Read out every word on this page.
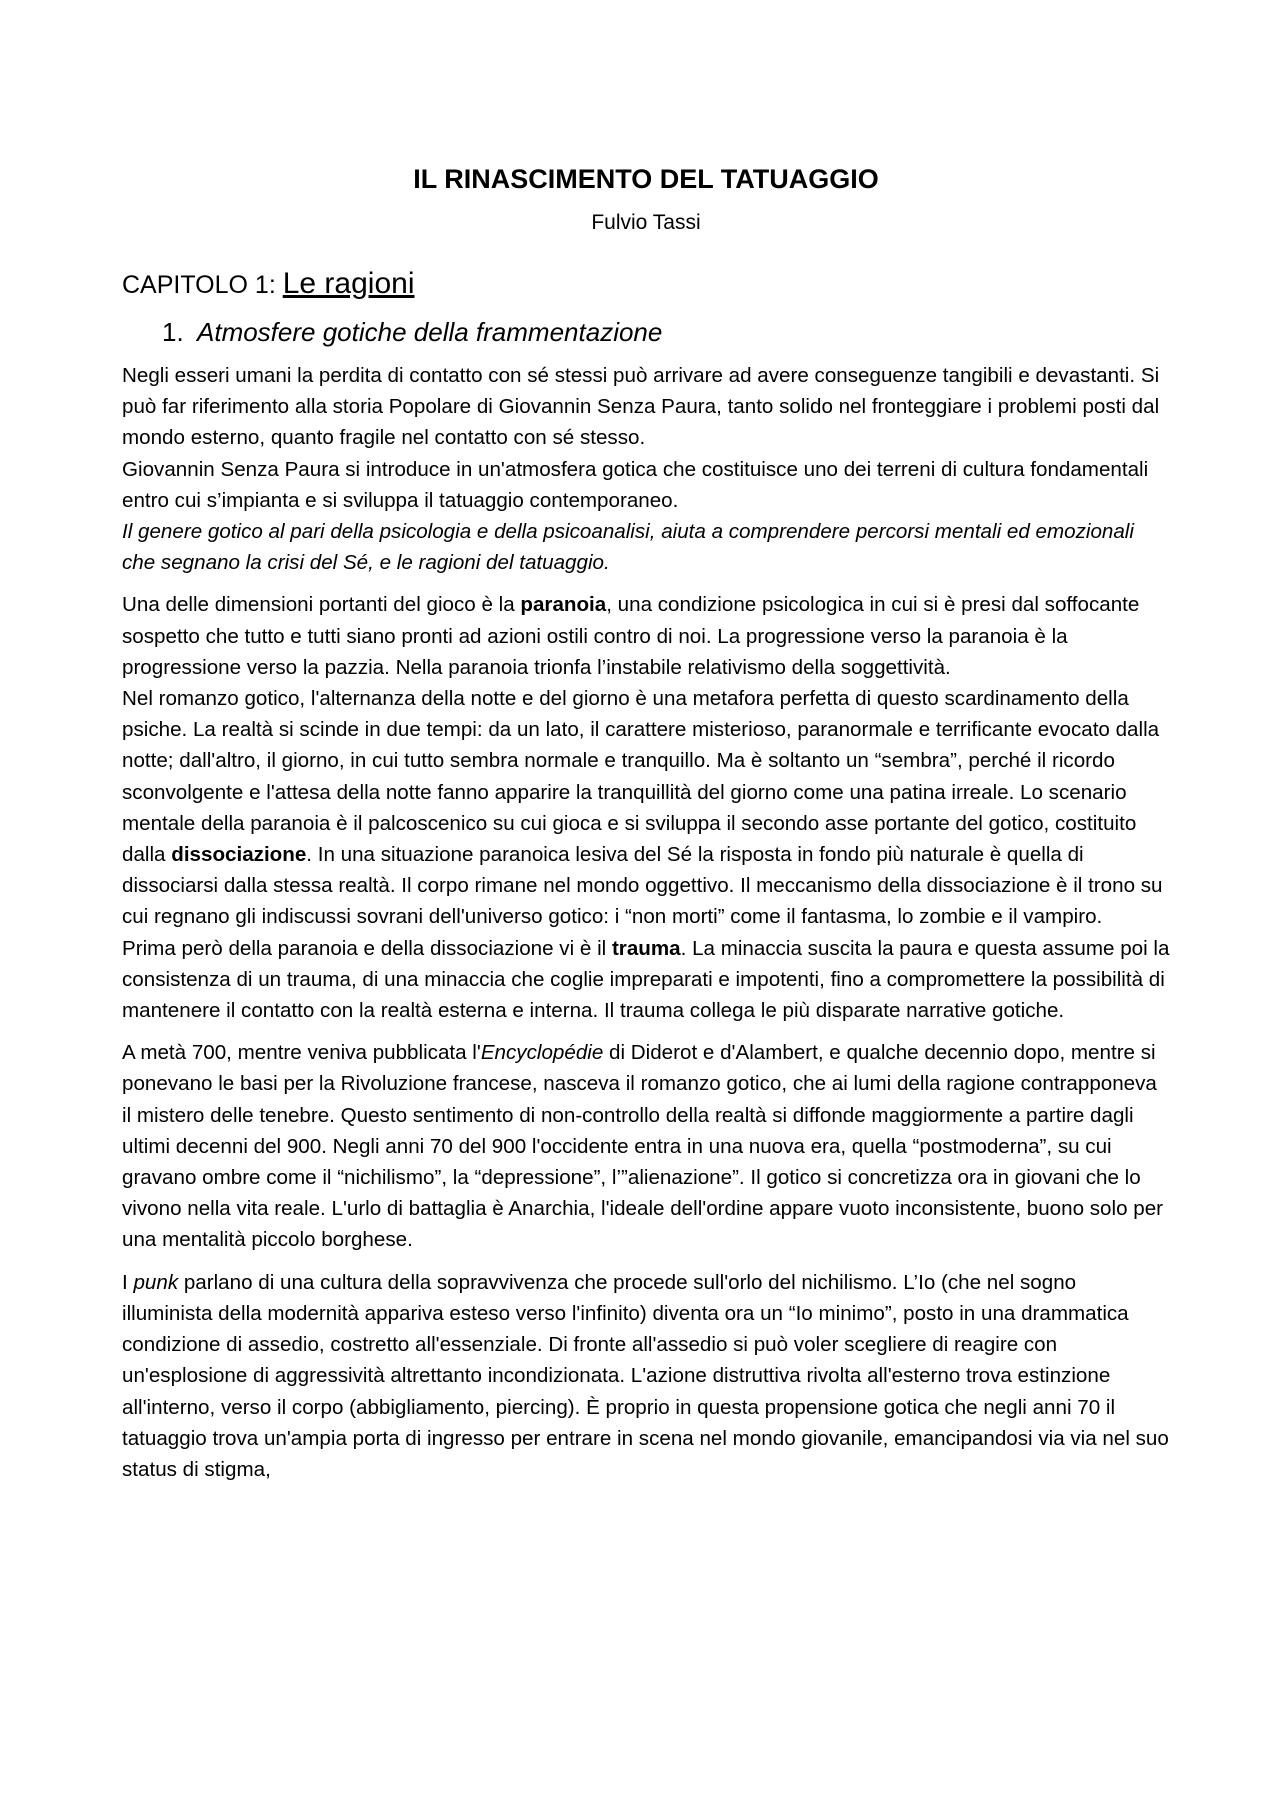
IL RINASCIMENTO DEL TATUAGGIO
Fulvio Tassi
CAPITOLO 1: Le ragioni
1. Atmosfere gotiche della frammentazione
Negli esseri umani la perdita di contatto con sé stessi può arrivare ad avere conseguenze tangibili e devastanti. Si può far riferimento alla storia Popolare di Giovannin Senza Paura, tanto solido nel fronteggiare i problemi posti dal mondo esterno, quanto fragile nel contatto con sé stesso.
Giovannin Senza Paura si introduce in un'atmosfera gotica che costituisce uno dei terreni di cultura fondamentali entro cui s’impianta e si sviluppa il tatuaggio contemporaneo.
Il genere gotico al pari della psicologia e della psicoanalisi, aiuta a comprendere percorsi mentali ed emozionali che segnano la crisi del Sé, e le ragioni del tatuaggio.
Una delle dimensioni portanti del gioco è la paranoia, una condizione psicologica in cui si è presi dal soffocante sospetto che tutto e tutti siano pronti ad azioni ostili contro di noi. La progressione verso la paranoia è la progressione verso la pazzia. Nella paranoia trionfa l’instabile relativismo della soggettività.
Nel romanzo gotico, l'alternanza della notte e del giorno è una metafora perfetta di questo scardinamento della psiche. La realtà si scinde in due tempi: da un lato, il carattere misterioso, paranormale e terrificante evocato dalla notte; dall'altro, il giorno, in cui tutto sembra normale e tranquillo. Ma è soltanto un “sembra”, perché il ricordo sconvolgente e l'attesa della notte fanno apparire la tranquillità del giorno come una patina irreale. Lo scenario mentale della paranoia è il palcoscenico su cui gioca e si sviluppa il secondo asse portante del gotico, costituito dalla dissociazione. In una situazione paranoica lesiva del Sé la risposta in fondo più naturale è quella di dissociarsi dalla stessa realtà. Il corpo rimane nel mondo oggettivo. Il meccanismo della dissociazione è il trono su cui regnano gli indiscussi sovrani dell'universo gotico: i “non morti” come il fantasma, lo zombie e il vampiro.
Prima però della paranoia e della dissociazione vi è il trauma. La minaccia suscita la paura e questa assume poi la consistenza di un trauma, di una minaccia che coglie impreparati e impotenti, fino a compromettere la possibilità di mantenere il contatto con la realtà esterna e interna. Il trauma collega le più disparate narrative gotiche.
A metà 700, mentre veniva pubblicata l'Encyclopédie di Diderot e d'Alambert, e qualche decennio dopo, mentre si ponevano le basi per la Rivoluzione francese, nasceva il romanzo gotico, che ai lumi della ragione contrapponeva il mistero delle tenebre. Questo sentimento di non-controllo della realtà si diffonde maggiormente a partire dagli ultimi decenni del 900. Negli anni 70 del 900 l'occidente entra in una nuova era, quella “postmoderna”, su cui gravano ombre come il “nichilismo”, la “depressione”, l’”alienazione”. Il gotico si concretizza ora in giovani che lo vivono nella vita reale. L'urlo di battaglia è Anarchia, l'ideale dell'ordine appare vuoto inconsistente, buono solo per una mentalità piccolo borghese.
I punk parlano di una cultura della sopravvivenza che procede sull'orlo del nichilismo. L’Io (che nel sogno illuminista della modernità appariva esteso verso l'infinito) diventa ora un “Io minimo”, posto in una drammatica condizione di assedio, costretto all'essenziale. Di fronte all'assedio si può voler scegliere di reagire con un'esplosione di aggressività altrettanto incondizionata. L'azione distruttiva rivolta all'esterno trova estinzione all'interno, verso il corpo (abbigliamento, piercing). È proprio in questa propensione gotica che negli anni 70 il tatuaggio trova un'ampia porta di ingresso per entrare in scena nel mondo giovanile, emancipandosi via via nel suo status di stigma,
